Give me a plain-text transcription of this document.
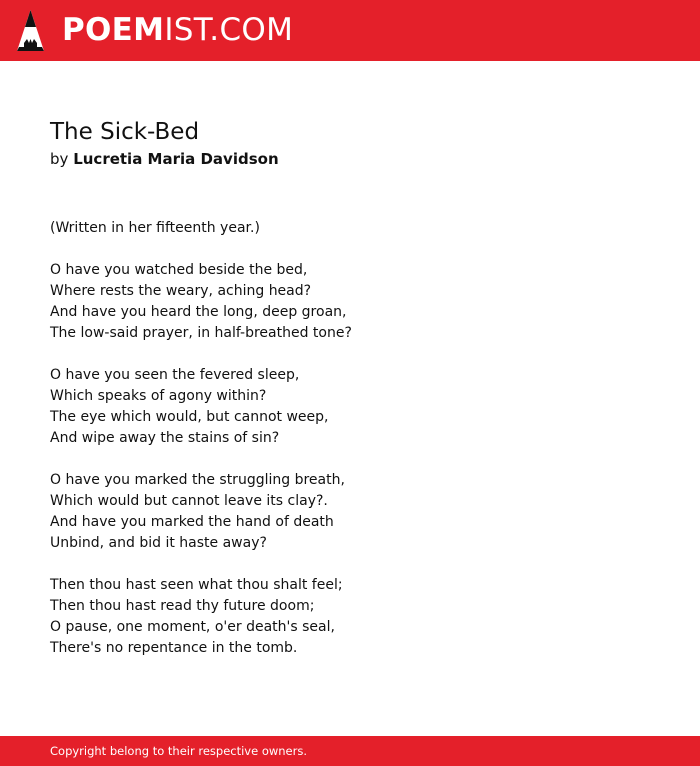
POEMIST.COM
The Sick-Bed
by Lucretia Maria Davidson
(Written in her fifteenth year.)
O have you watched beside the bed,
Where rests the weary, aching head?
And have you heard the long, deep groan,
The low-said prayer, in half-breathed tone?
O have you seen the fevered sleep,
Which speaks of agony within?
The eye which would, but cannot weep,
And wipe away the stains of sin?
O have you marked the struggling breath,
Which would but cannot leave its clay?.
And have you marked the hand of death
Unbind, and bid it haste away?
Then thou hast seen what thou shalt feel;
Then thou hast read thy future doom;
O pause, one moment, o'er death's seal,
There's no repentance in the tomb.
Copyright belong to their respective owners.
